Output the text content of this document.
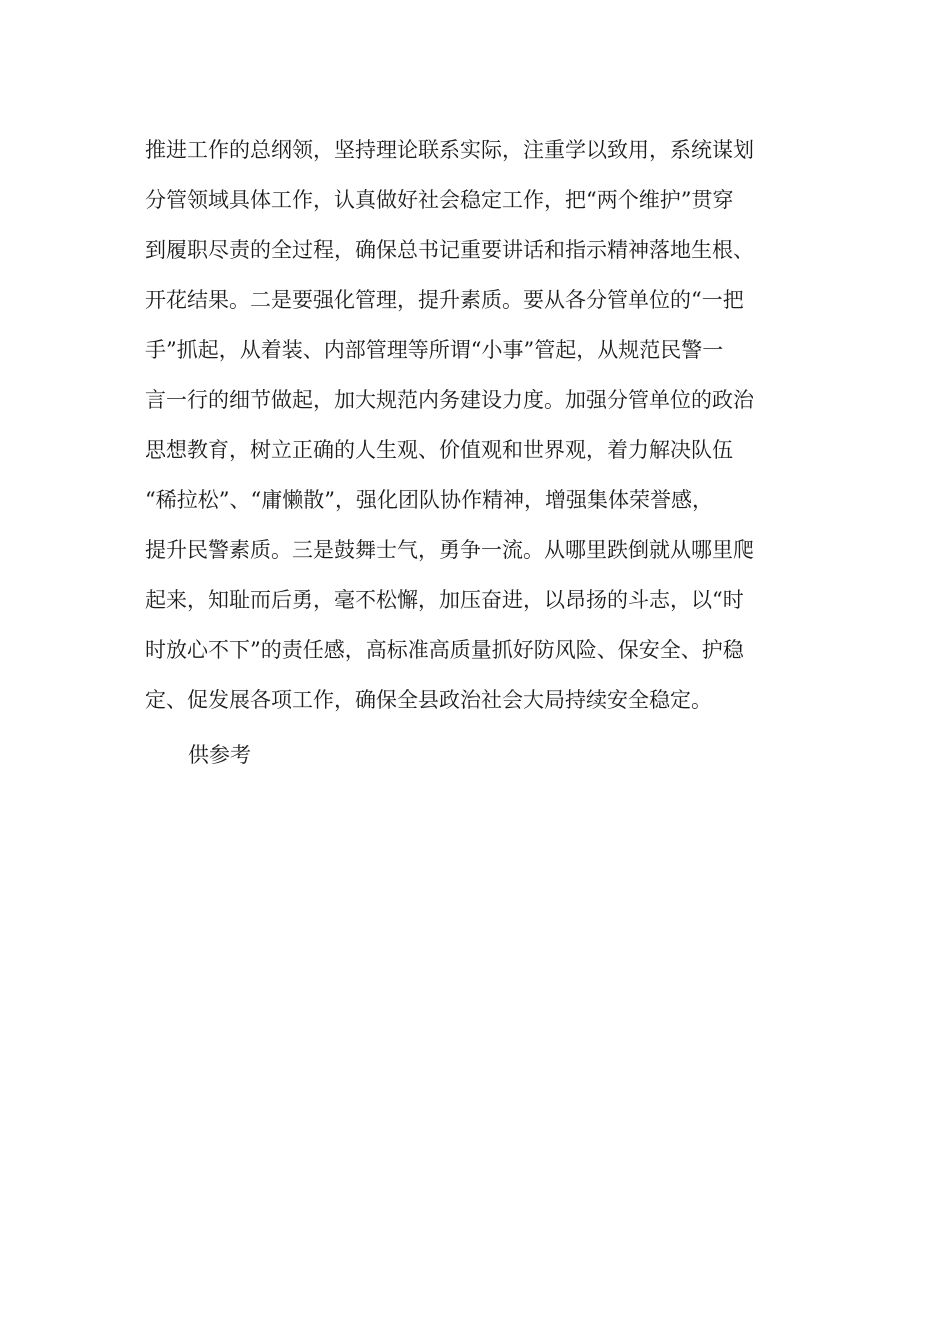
推进工作的总纲领，坚持理论联系实际，注重学以致用，系统谋划
分管领域具体工作，认真做好社会稳定工作，把“两个维护”贯穿
到履职尽责的全过程，确保总书记重要讲话和指示精神落地生根、
开花结果。二是要强化管理，提升素质。要从各分管单位的“一把
手”抓起，从着装、内部管理等所谓“小事”管起，从规范民警一
言一行的细节做起，加大规范内务建设力度。加强分管单位的政治
思想教育，树立正确的人生观、价值观和世界观，着力解决队伍
“稀拉松”、“庸懒散”，强化团队协作精神，增强集体荣誉感，
提升民警素质。三是鼓舞士气，勇争一流。从哪里跌倒就从哪里爬
起来，知耻而后勇，毫不松懈，加压奋进，以昂扬的斗志，以“时
时放心不下”的责任感，高标准高质量抓好防风险、保安全、护稳
定、促发展各项工作，确保全县政治社会大局持续安全稳定。
供参考
